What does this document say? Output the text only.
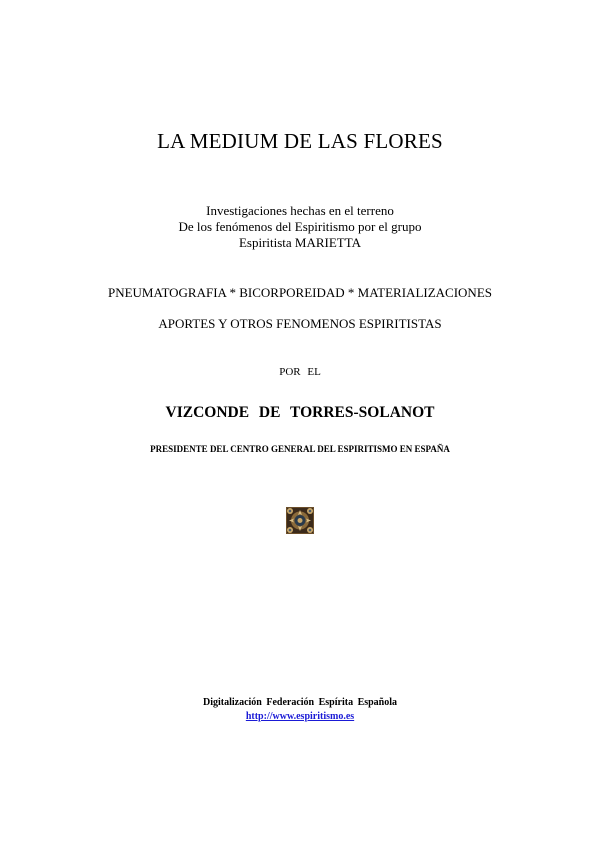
LA MEDIUM DE LAS FLORES
Investigaciones hechas en el terreno
De los fenómenos del Espiritismo por el grupo
Espiritista MARIETTA

PNEUMATOGRAFIA * BICORPOREIDAD * MATERIALIZACIONES

APORTES Y OTROS FENOMENOS ESPIRITISTAS

POR EL

VIZCONDE DE TORRES-SOLANOT

PRESIDENTE DEL CENTRO GENERAL DEL ESPIRITISMO EN ESPAÑA

Digitalización Federación Espírita Española

http://www.espiritismo.es
